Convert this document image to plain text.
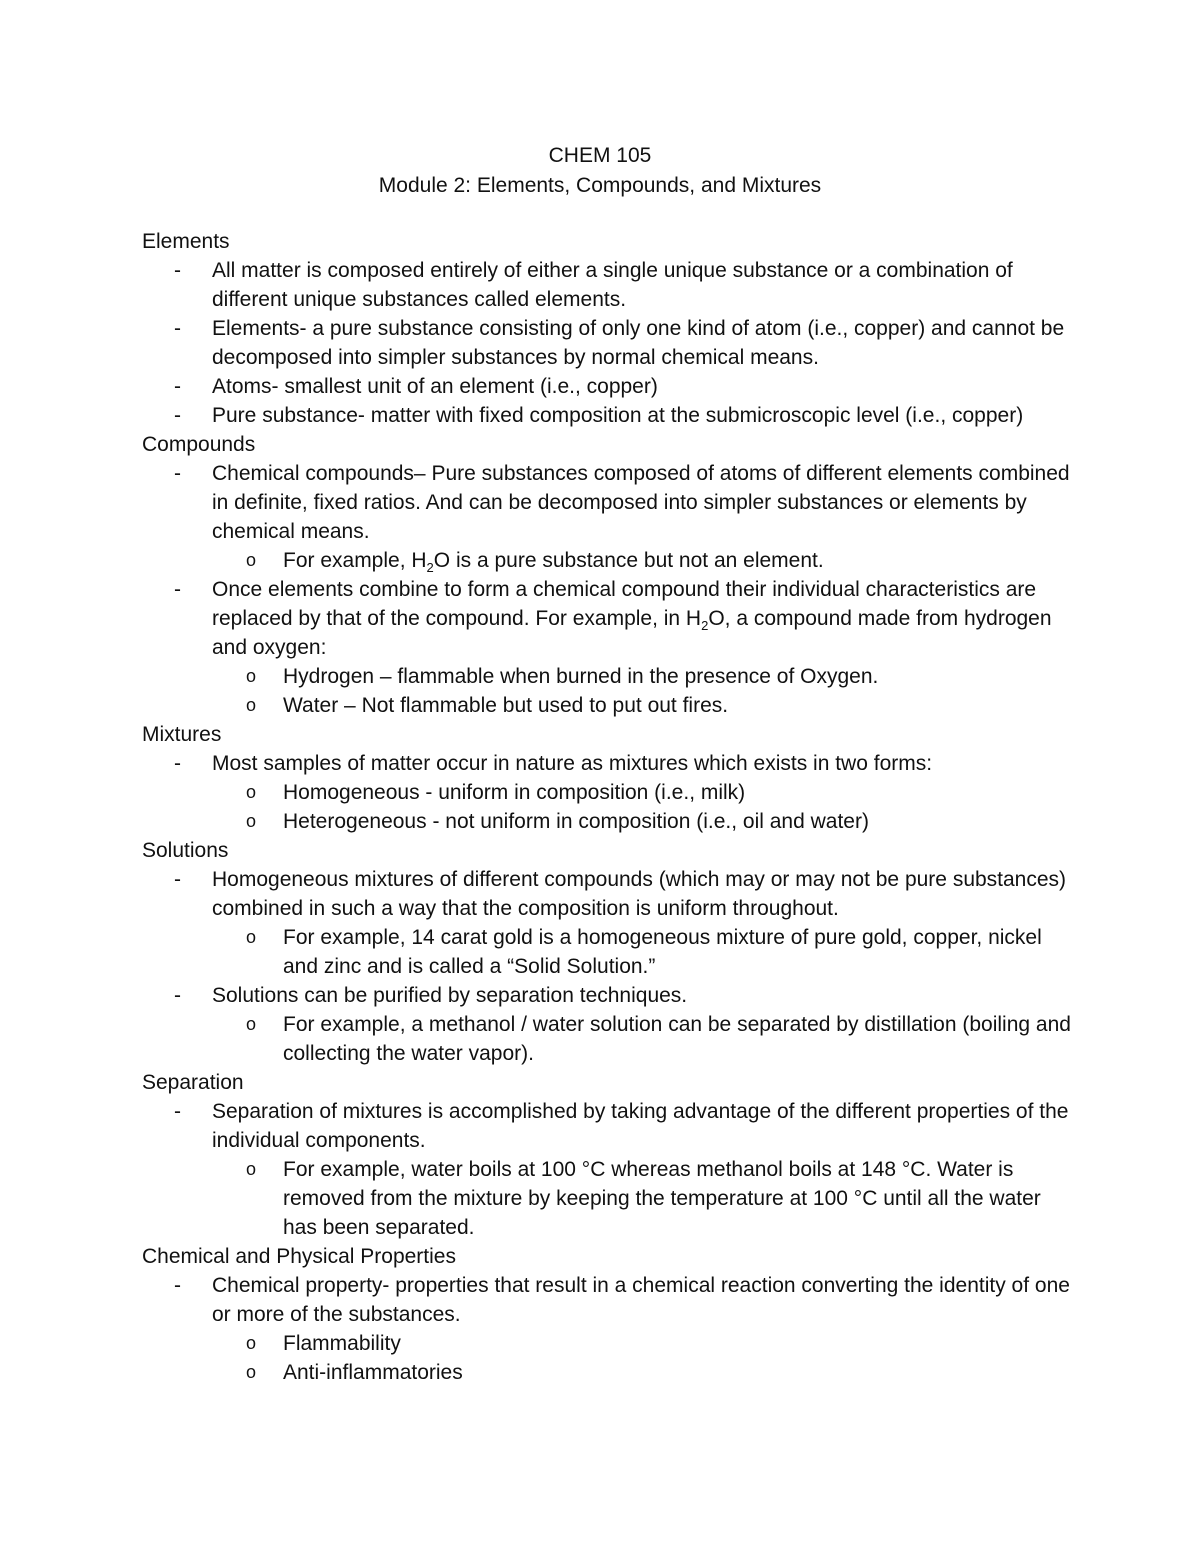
CHEM 105
Module 2: Elements, Compounds, and Mixtures
Elements
-	All matter is composed entirely of either a single unique substance or a combination of different unique substances called elements.
-	Elements- a pure substance consisting of only one kind of atom (i.e., copper) and cannot be decomposed into simpler substances by normal chemical means.
-	Atoms- smallest unit of an element (i.e., copper)
-	Pure substance- matter with fixed composition at the submicroscopic level (i.e., copper)
Compounds
-	Chemical compounds– Pure substances composed of atoms of different elements combined in definite, fixed ratios. And can be decomposed into simpler substances or elements by chemical means.
o	For example, $H_2O$ is a pure substance but not an element.
-	Once elements combine to form a chemical compound their individual characteristics are replaced by that of the compound. For example, in $H_2O$, a compound made from hydrogen and oxygen:
o	Hydrogen – flammable when burned in the presence of Oxygen.
o	Water – Not flammable but used to put out fires.
Mixtures
-	Most samples of matter occur in nature as mixtures which exists in two forms:
o	Homogeneous - uniform in composition (i.e., milk)
o	Heterogeneous - not uniform in composition (i.e., oil and water)
Solutions
-	Homogeneous mixtures of different compounds (which may or may not be pure substances) combined in such a way that the composition is uniform throughout.
o	For example, 14 carat gold is a homogeneous mixture of pure gold, copper, nickel and zinc and is called a “Solid Solution.”
-	Solutions can be purified by separation techniques.
o	For example, a methanol / water solution can be separated by distillation (boiling and collecting the water vapor).
Separation
-	Separation of mixtures is accomplished by taking advantage of the different properties of the individual components.
o	For example, water boils at 100 °C whereas methanol boils at 148 °C. Water is removed from the mixture by keeping the temperature at 100 °C until all the water has been separated.
Chemical and Physical Properties
-	Chemical property- properties that result in a chemical reaction converting the identity of one or more of the substances.
o	Flammability
o	Anti-inflammatories
